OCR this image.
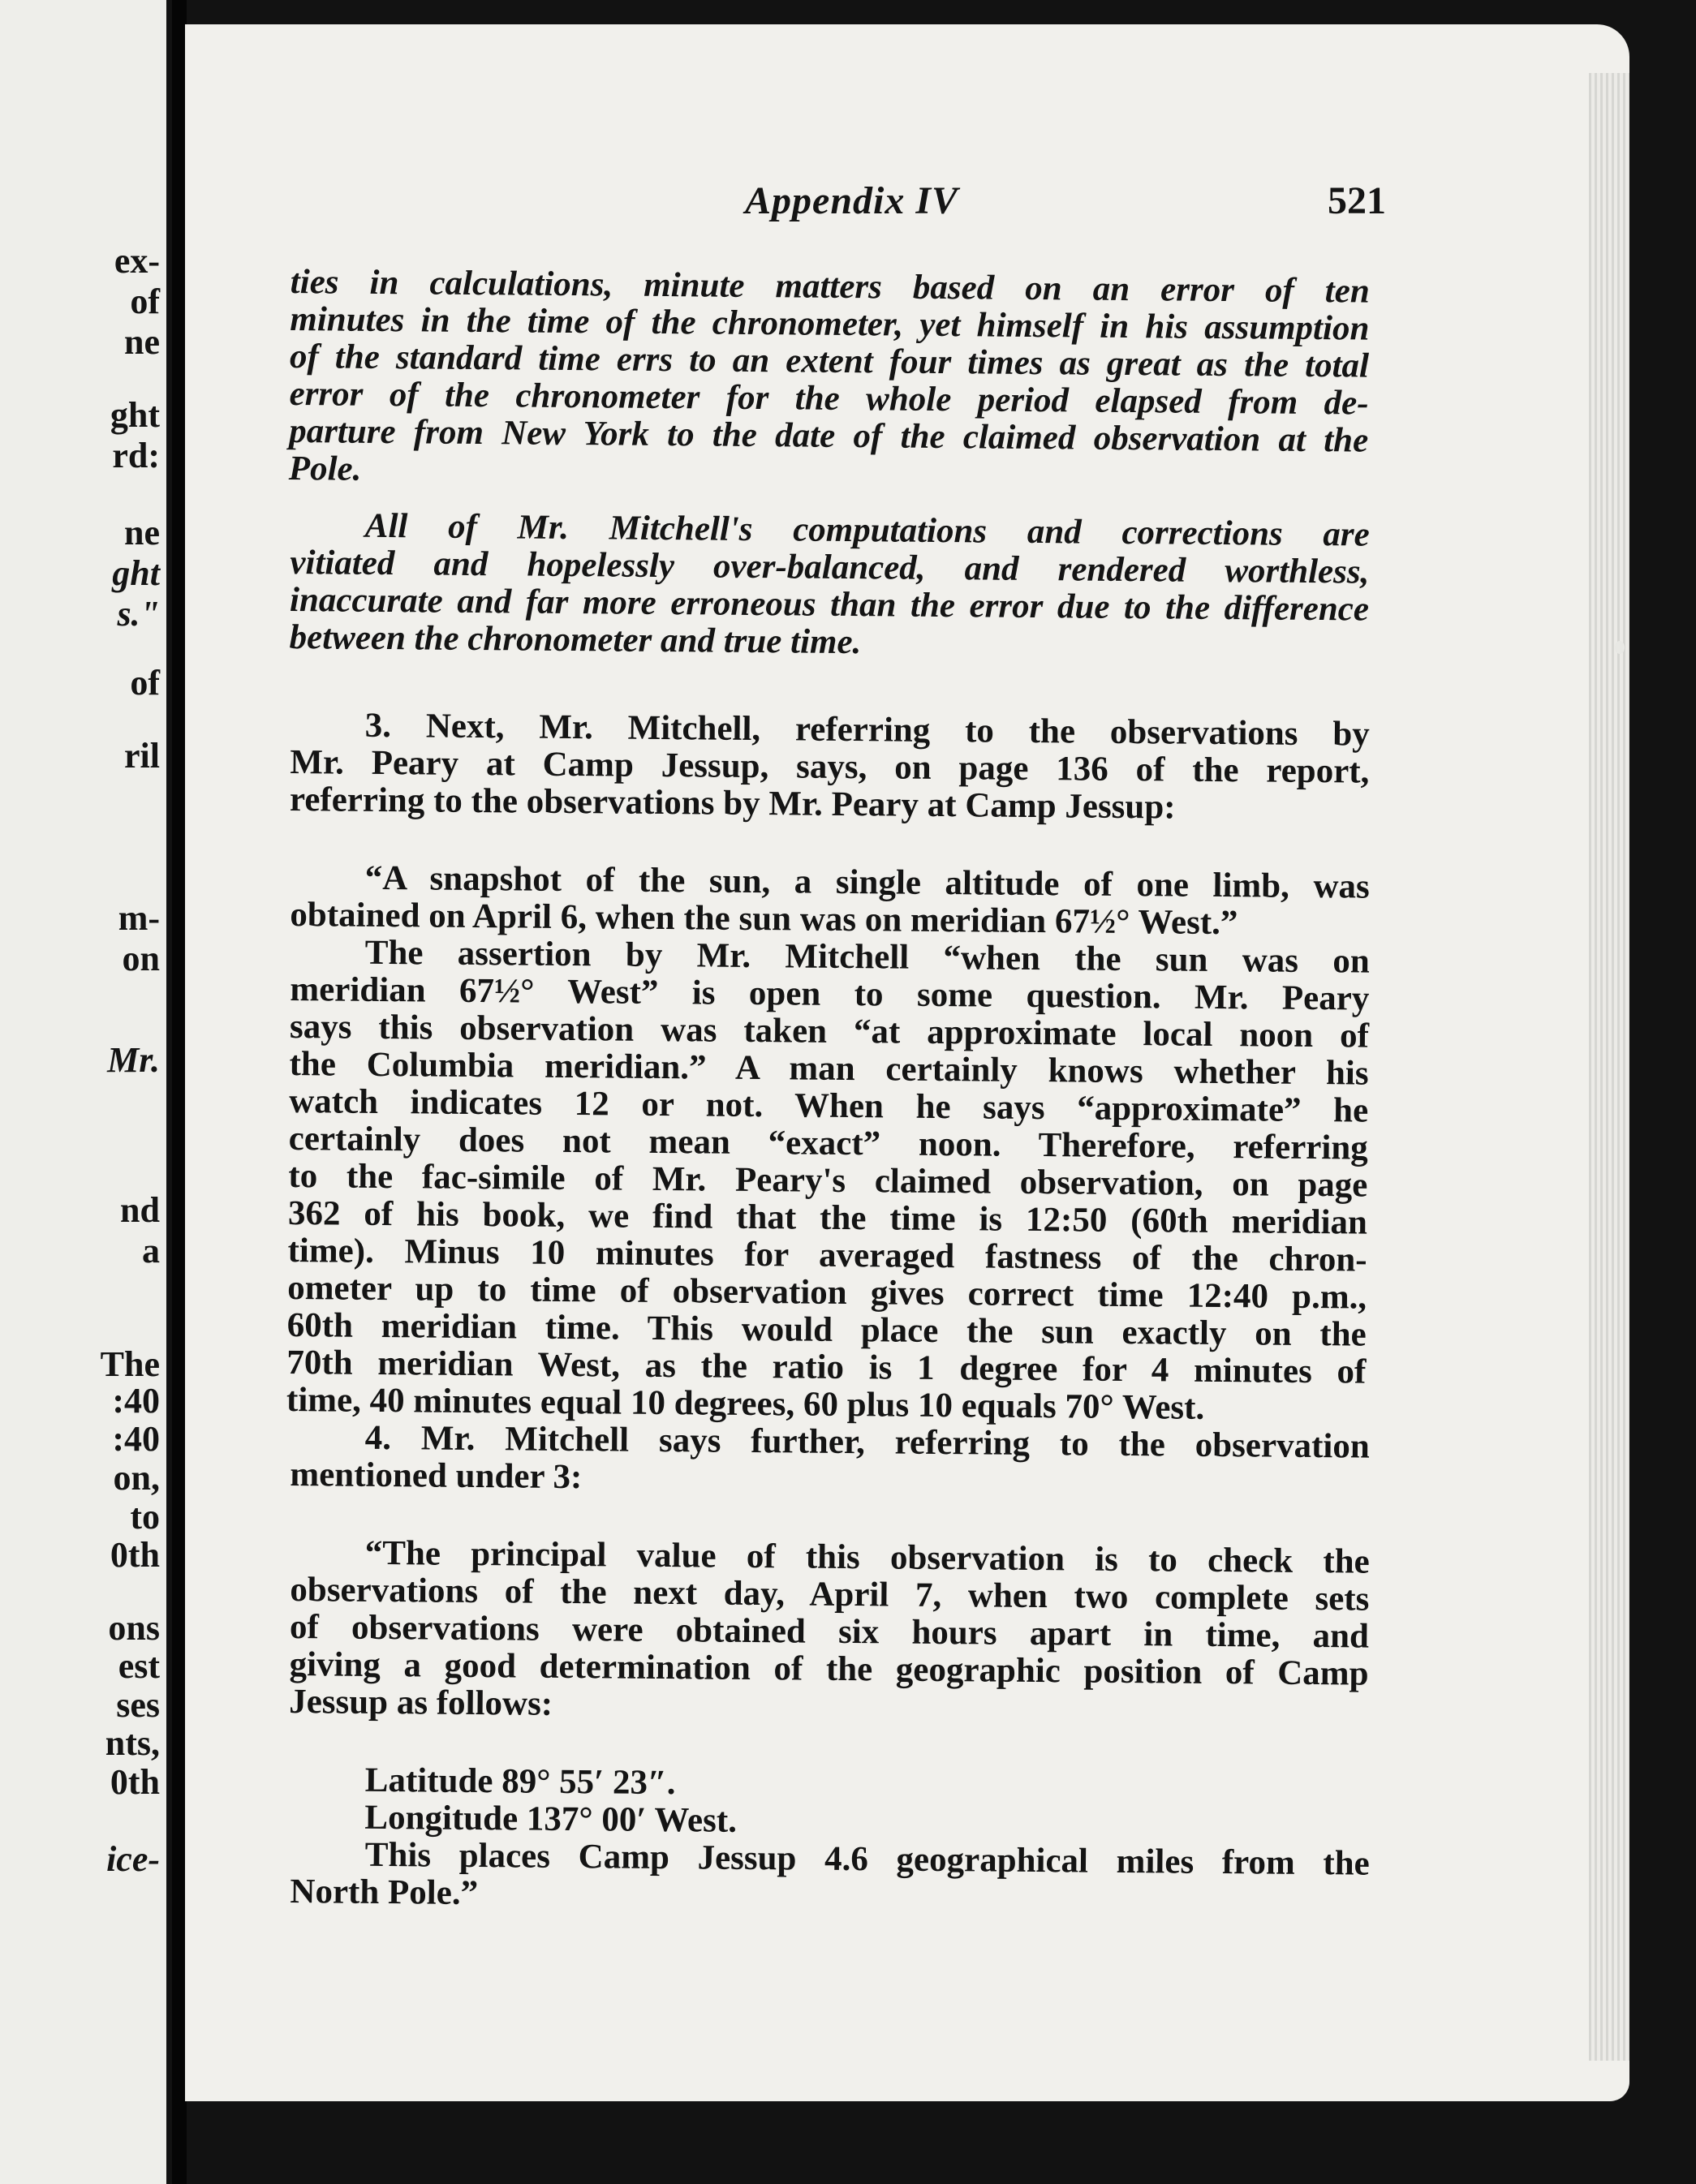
ex-
of
ne
ght
rd:
ne
ght
s."
of
ril
m-
on
Mr.
nd
a
The
:40
:40
on,
to
0th
ons
est
ses
nts,
0th
ice-
Appendix IV	521
ties in calculations, minute matters based on an error of ten
minutes in the time of the chronometer, yet himself in his assumption
of the standard time errs to an extent four times as great as the total
error of the chronometer for the whole period elapsed from de-
parture from New York to the date of the claimed observation at the
Pole.
All of Mr. Mitchell's computations and corrections are
vitiated and hopelessly over-balanced, and rendered worthless,
inaccurate and far more erroneous than the error due to the difference
between the chronometer and true time.
3. Next, Mr. Mitchell, referring to the observations by
Mr. Peary at Camp Jessup, says, on page 136 of the report,
referring to the observations by Mr. Peary at Camp Jessup:
“A snapshot of the sun, a single altitude of one limb, was
obtained on April 6, when the sun was on meridian 67½° West.”
The assertion by Mr. Mitchell “when the sun was on
meridian 67½° West” is open to some question. Mr. Peary
says this observation was taken “at approximate local noon of
the Columbia meridian.” A man certainly knows whether his
watch indicates 12 or not. When he says “approximate” he
certainly does not mean “exact” noon. Therefore, referring
to the fac-simile of Mr. Peary's claimed observation, on page
362 of his book, we find that the time is 12:50 (60th meridian
time). Minus 10 minutes for averaged fastness of the chron-
ometer up to time of observation gives correct time 12:40 p.m.,
60th meridian time. This would place the sun exactly on the
70th meridian West, as the ratio is 1 degree for 4 minutes of
time, 40 minutes equal 10 degrees, 60 plus 10 equals 70° West.
4. Mr. Mitchell says further, referring to the observation
mentioned under 3:
“The principal value of this observation is to check the
observations of the next day, April 7, when two complete sets
of observations were obtained six hours apart in time, and
giving a good determination of the geographic position of Camp
Jessup as follows:
Latitude 89° 55′ 23″.
Longitude 137° 00′ West.
This places Camp Jessup 4.6 geographical miles from the
North Pole.”
